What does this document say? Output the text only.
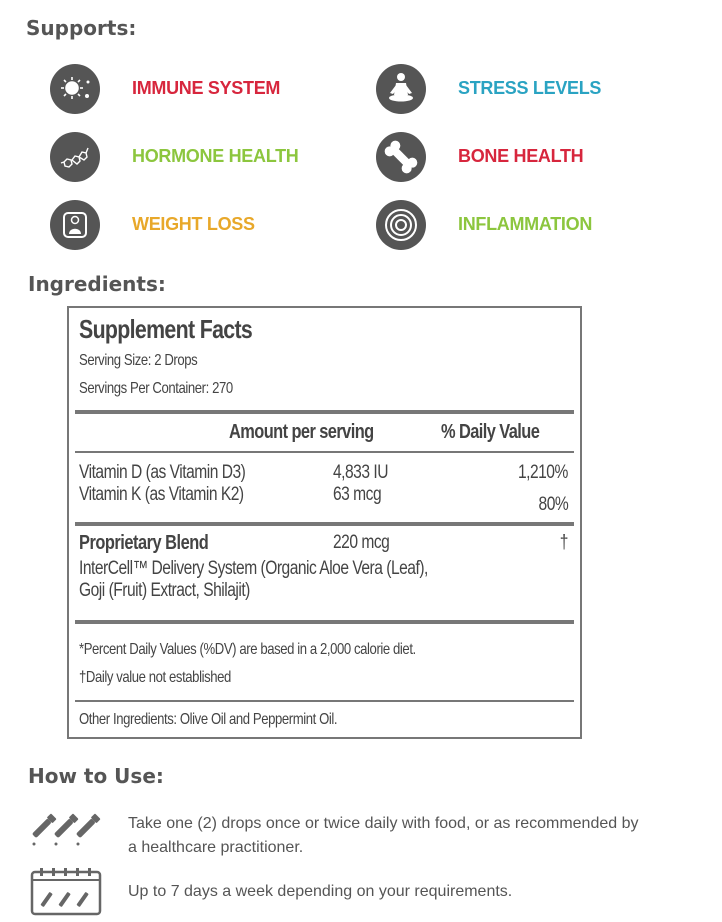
Supports:
IMMUNE SYSTEM	STRESS LEVELS
HORMONE HEALTH	BONE HEALTH
WEIGHT LOSS	INFLAMMATION
Ingredients:
Supplement Facts
Serving Size: 2 Drops
Servings Per Container: 270
Amount per serving	% Daily Value
Vitamin D (as Vitamin D3)	4,833 IU	1,210%
Vitamin K (as Vitamin K2)	63 mcg	80%
Proprietary Blend	220 mcg	†
InterCell™ Delivery System (Organic Aloe Vera (Leaf),
Goji (Fruit) Extract, Shilajit)
*Percent Daily Values (%DV) are based in a 2,000 calorie diet.
†Daily value not established
Other Ingredients: Olive Oil and Peppermint Oil.
How to Use:
Take one (2) drops once or twice daily with food, or as recommended by
a healthcare practitioner.
Up to 7 days a week depending on your requirements.
